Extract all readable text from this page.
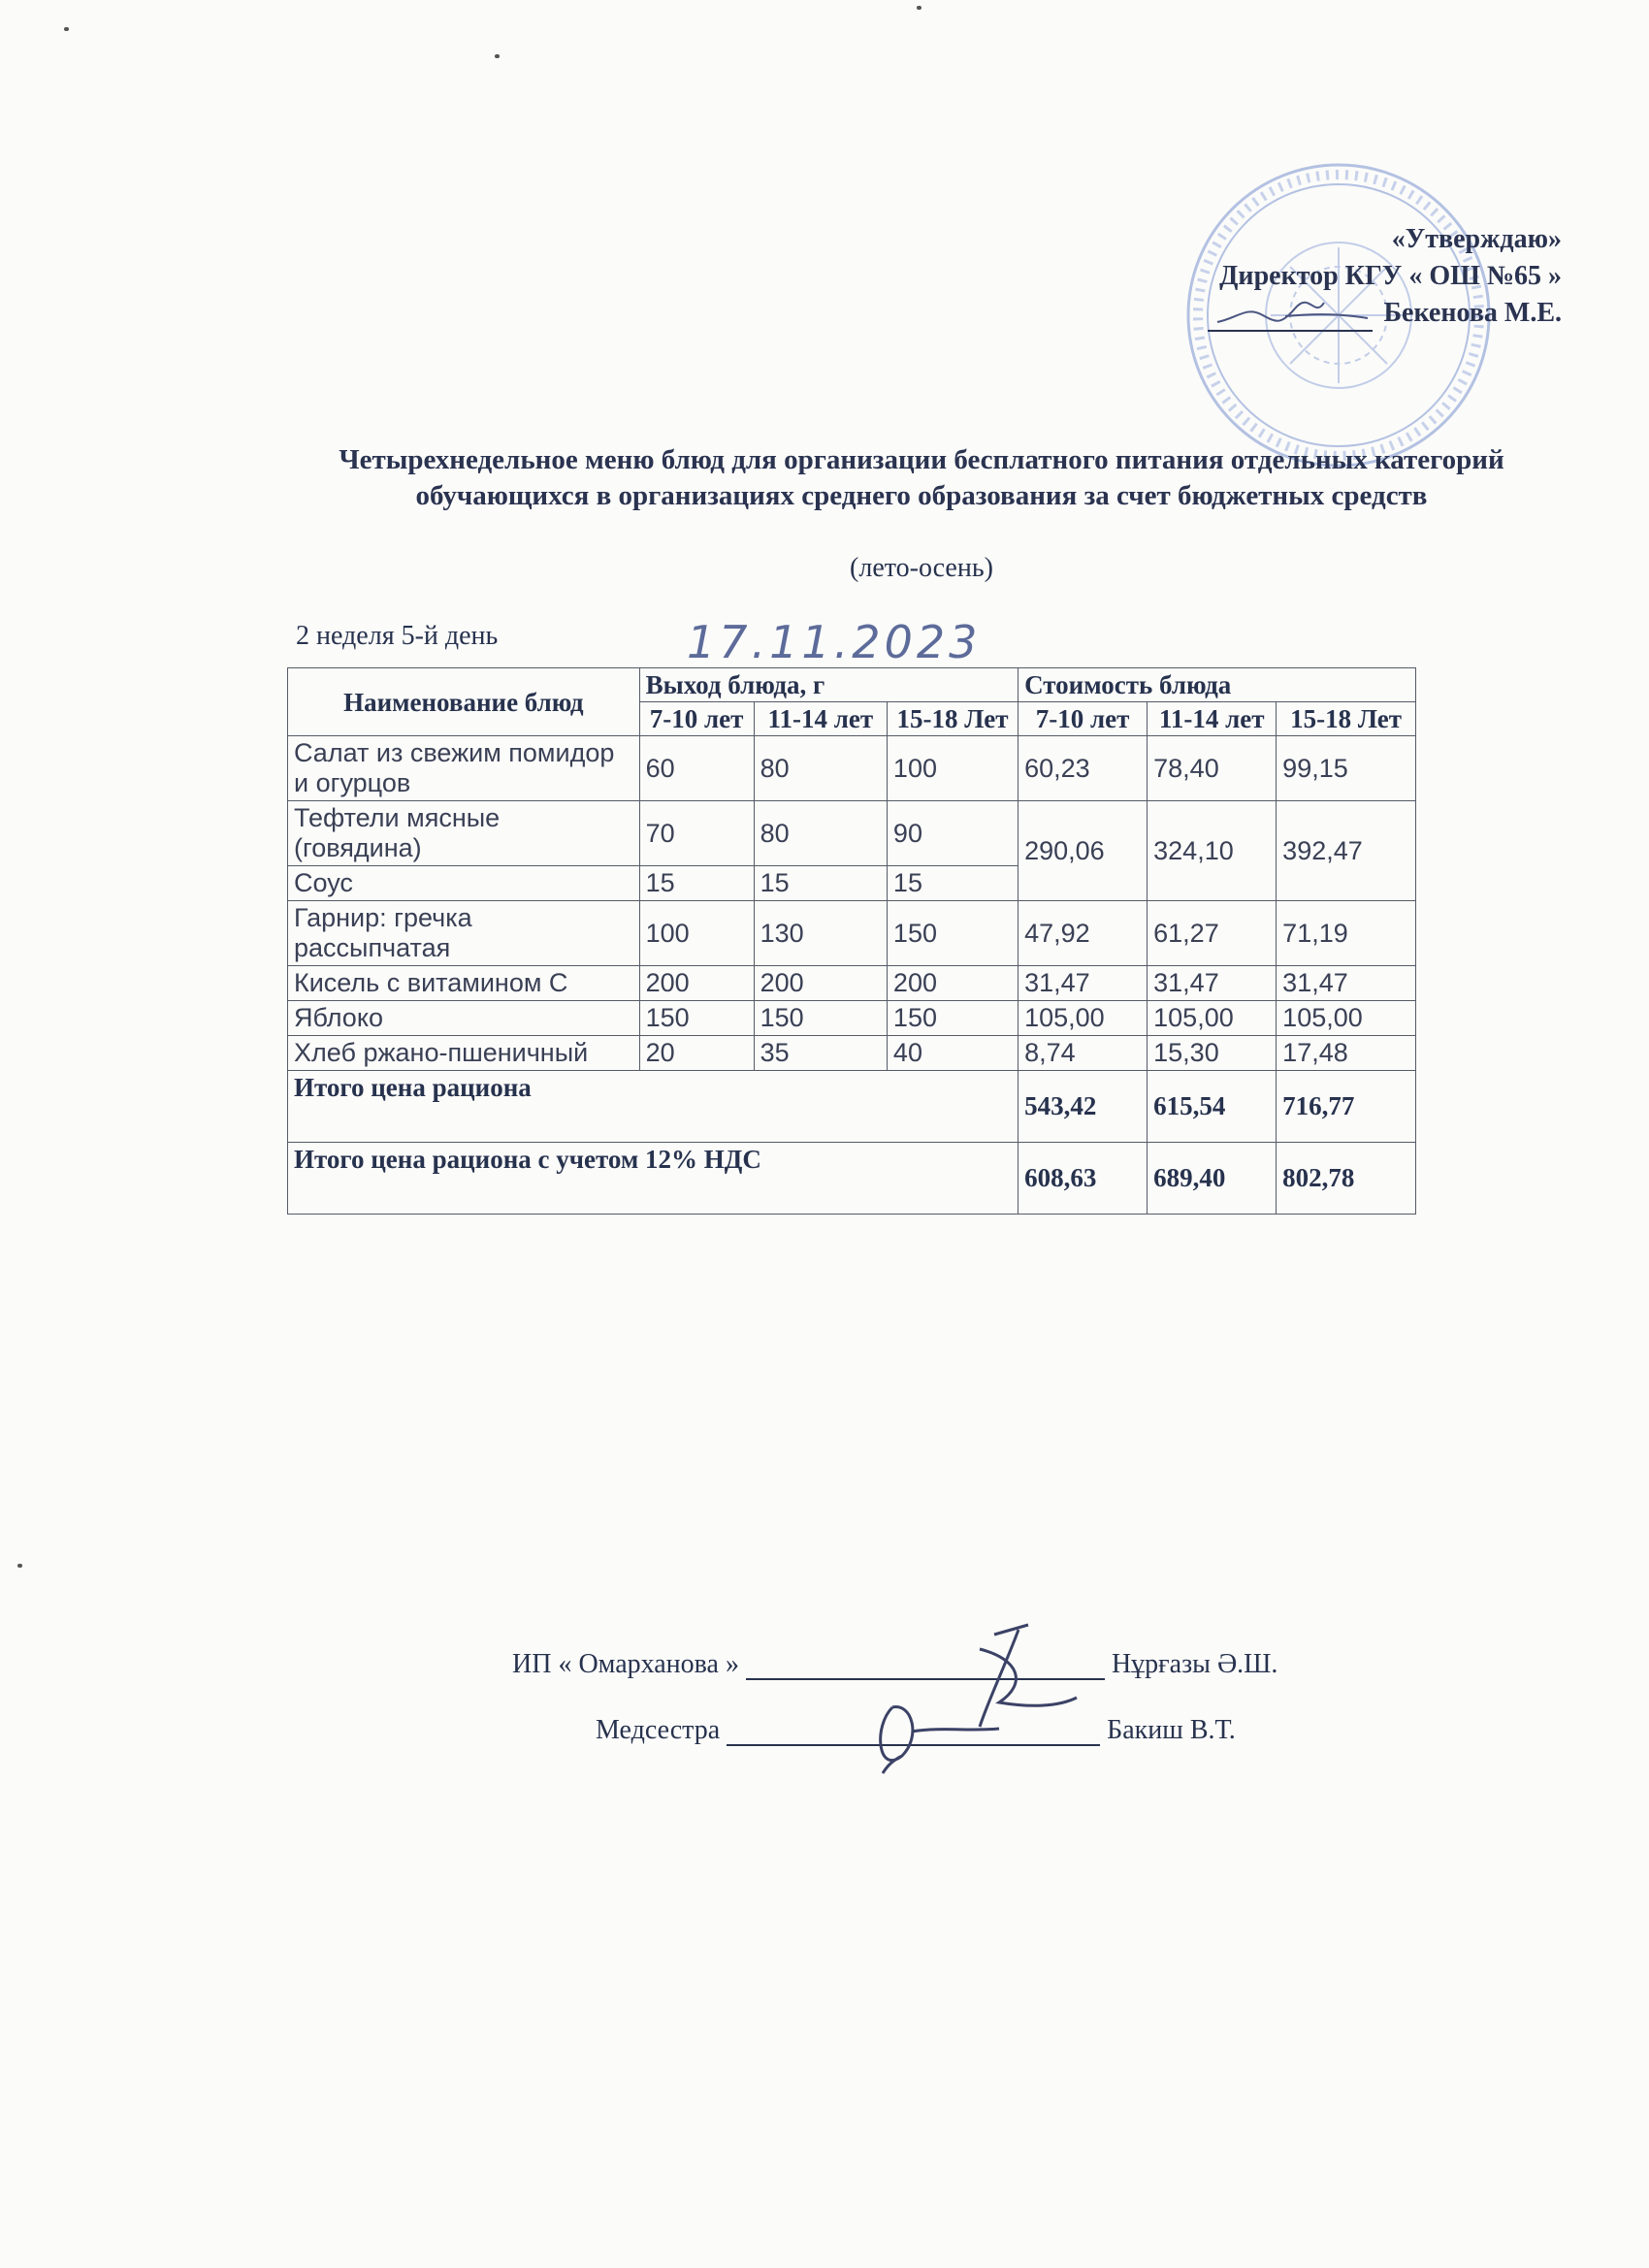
«Утверждаю»
Директор КГУ « ОШ №65 »
Бекенова М.Е.
Четырехнедельное меню блюд для организации бесплатного питания отдельных категорий обучающихся в организациях среднего образования за счет бюджетных средств
(лето-осень)
2 неделя 5-й день	17.11.2023
Наименование блюд	Выход блюда, г			Стоимость блюда		
	7-10 лет	11-14 лет	15-18 Лет	7-10 лет	11-14 лет	15-18 Лет
Салат из свежим помидор и огурцов	60	80	100	60,23	78,40	99,15
Тефтели мясные (говядина)	70	80	90	290,06	324,10	392,47
Соус	15	15	15			
Гарнир: гречка рассыпчатая	100	130	150	47,92	61,27	71,19
Кисель с витамином С	200	200	200	31,47	31,47	31,47
Яблоко	150	150	150	105,00	105,00	105,00
Хлеб ржано-пшеничный	20	35	40	8,74	15,30	17,48
Итого цена рациона				543,42	615,54	716,77
Итого цена рациона с учетом 12% НДС				608,63	689,40	802,78
ИП « Омарханова »	Нұрғазы Ә.Ш.
Медсестра	Бакиш В.Т.
